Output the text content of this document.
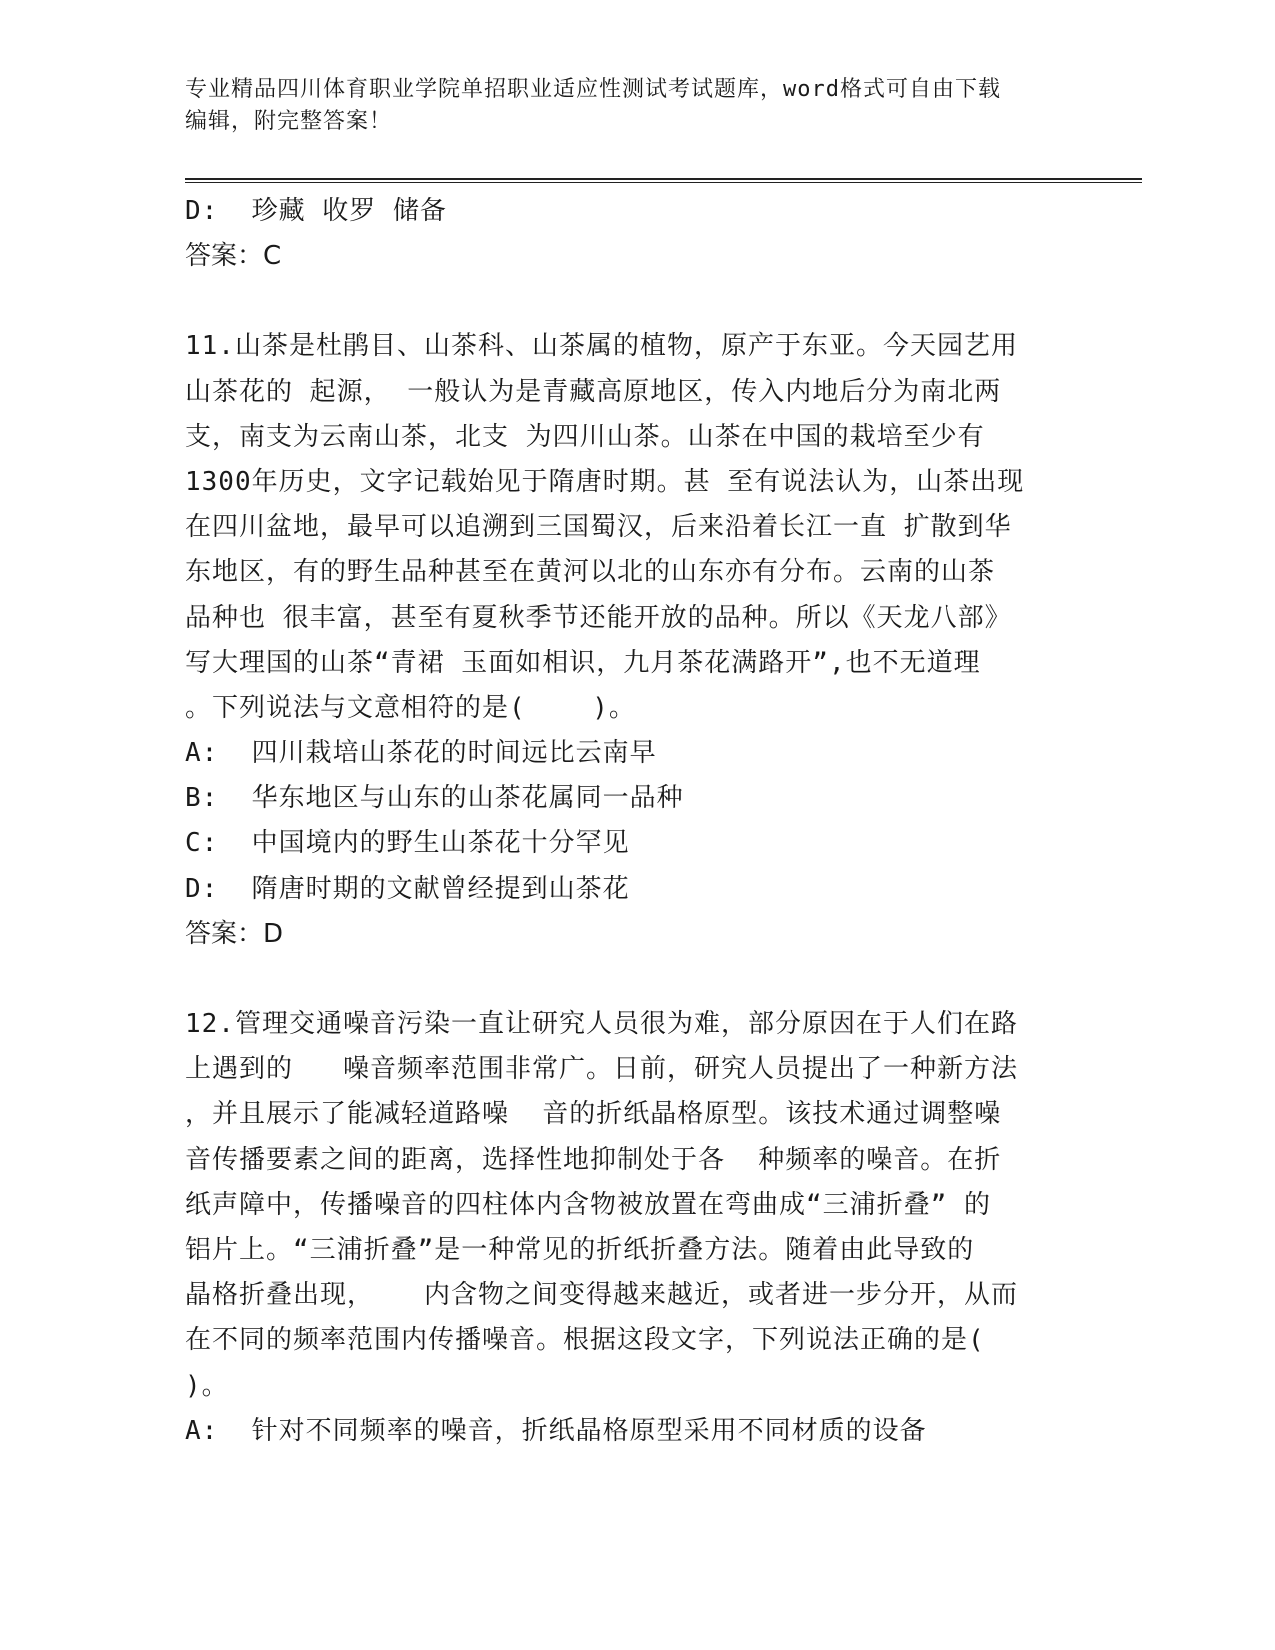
专业精品四川体育职业学院单招职业适应性测试考试题库，word格式可自由下载
编辑，附完整答案！
D:  珍藏 收罗 储备
答案：C
11.山茶是杜鹃目、山茶科、山茶属的植物，原产于东亚。今天园艺用
山茶花的 起源， 一般认为是青藏高原地区，传入内地后分为南北两
支，南支为云南山茶，北支 为四川山茶。山茶在中国的栽培至少有
1300年历史，文字记载始见于隋唐时期。甚 至有说法认为，山茶出现
在四川盆地，最早可以追溯到三国蜀汉，后来沿着长江一直 扩散到华
东地区，有的野生品种甚至在黄河以北的山东亦有分布。云南的山茶
品种也 很丰富，甚至有夏秋季节还能开放的品种。所以《天龙八部》
写大理国的山茶“青裙 玉面如相识，九月茶花满路开”,也不无道理
。下列说法与文意相符的是(    )。
A:  四川栽培山茶花的时间远比云南早
B:  华东地区与山东的山茶花属同一品种
C:  中国境内的野生山茶花十分罕见
D:  隋唐时期的文献曾经提到山茶花
答案：D
12.管理交通噪音污染一直让研究人员很为难，部分原因在于人们在路
上遇到的   噪音频率范围非常广。日前，研究人员提出了一种新方法
，并且展示了能减轻道路噪  音的折纸晶格原型。该技术通过调整噪
音传播要素之间的距离，选择性地抑制处于各  种频率的噪音。在折
纸声障中，传播噪音的四柱体内含物被放置在弯曲成“三浦折叠” 的
铝片上。“三浦折叠”是一种常见的折纸折叠方法。随着由此导致的
晶格折叠出现，   内含物之间变得越来越近，或者进一步分开，从而
在不同的频率范围内传播噪音。根据这段文字，下列说法正确的是(
)。
A:  针对不同频率的噪音，折纸晶格原型采用不同材质的设备
